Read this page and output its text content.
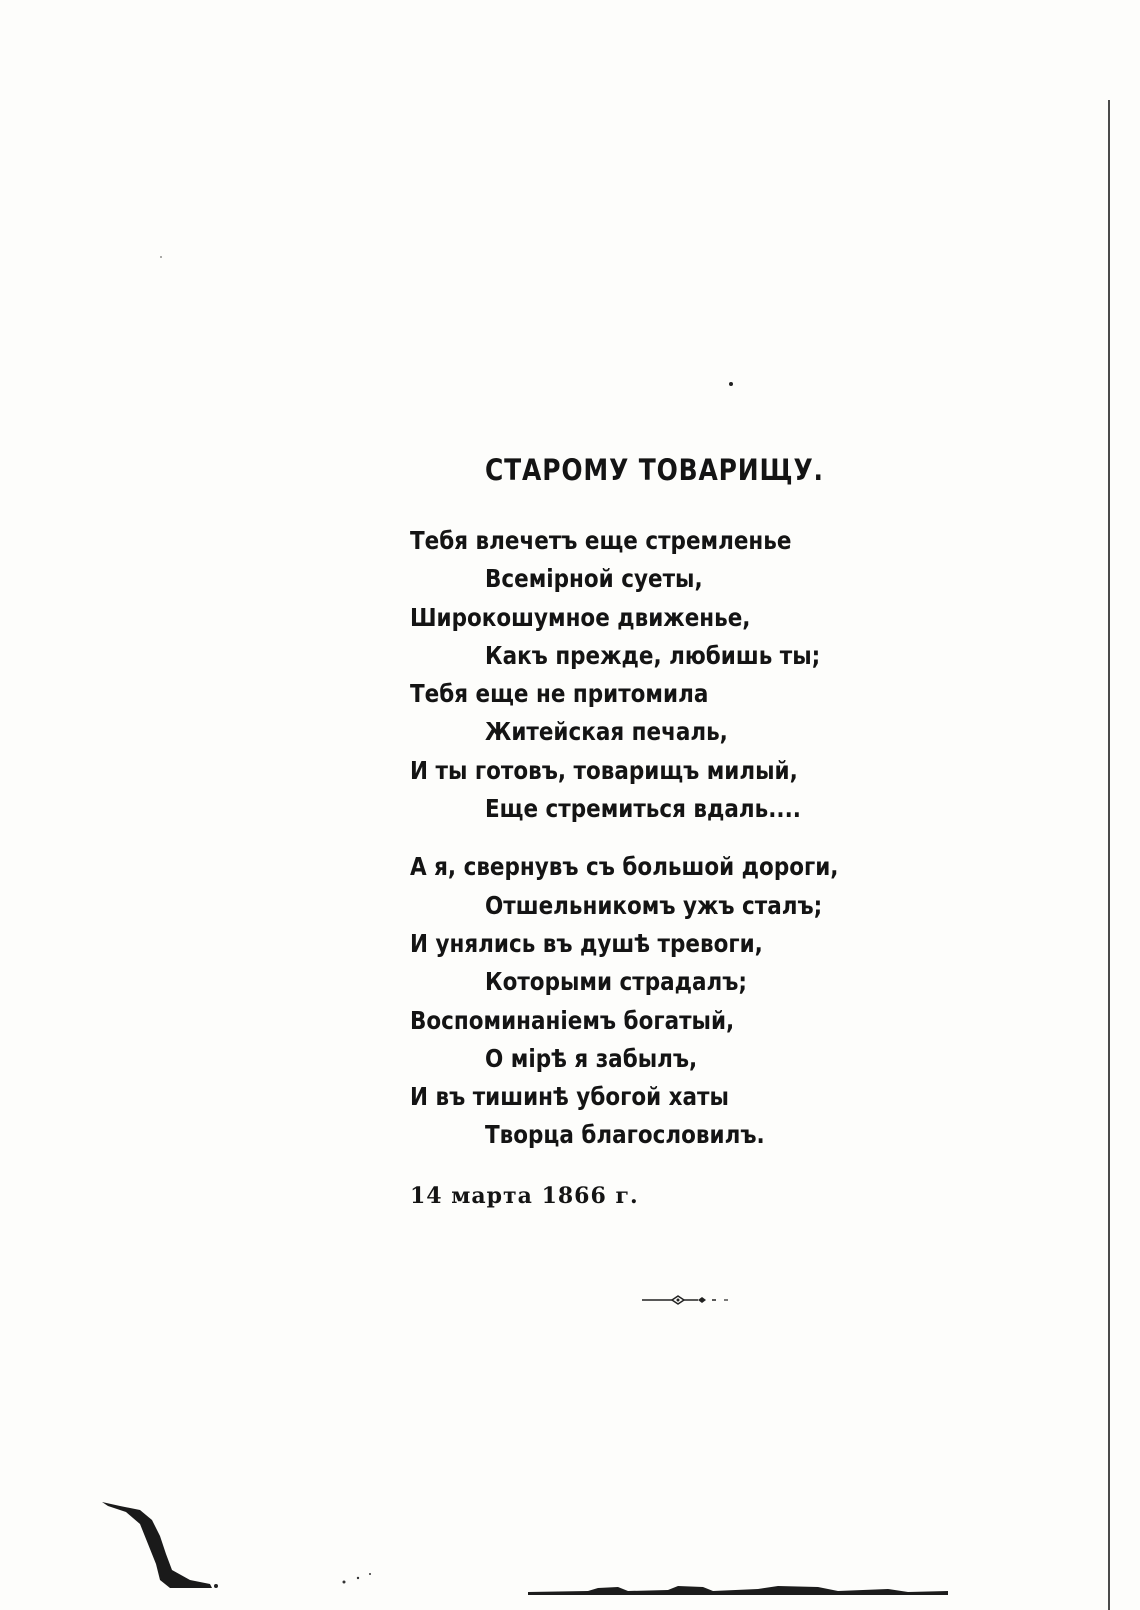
СТАРОМУ ТОВАРИЩУ.
Тебя влечетъ еще стремленье
Всемірной суеты,
Широкошумное движенье,
Какъ прежде, любишь ты;
Тебя еще не притомила
Житейская печаль,
И ты готовъ, товарищъ милый,
Еще стремиться вдаль....
А я, свернувъ съ большой дороги,
Отшельникомъ ужъ сталъ;
И унялись въ душѣ тревоги,
Которыми страдалъ;
Воспоминаніемъ богатый,
О мірѣ я забылъ,
И въ тишинѣ убогой хаты
Творца благословилъ.
14 марта 1866 г.
